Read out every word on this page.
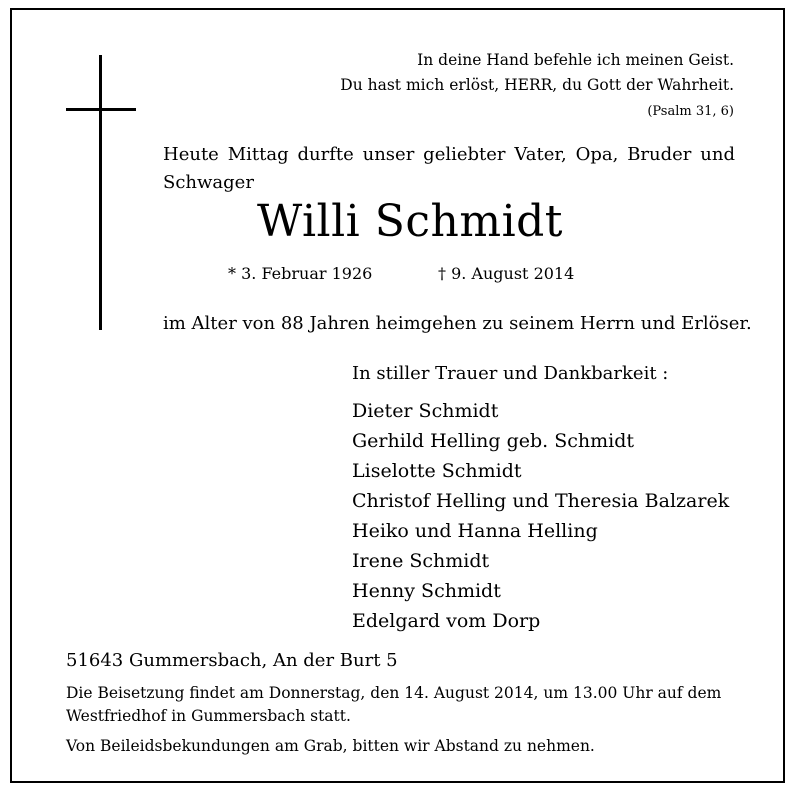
In deine Hand befehle ich meinen Geist.
Du hast mich erlöst, HERR, du Gott der Wahrheit.
(Psalm 31, 6)
Heute Mittag durfte unser geliebter Vater, Opa, Bruder und Schwager
Willi Schmidt
* 3. Februar 1926	† 9. August 2014
im Alter von 88 Jahren heimgehen zu seinem Herrn und Erlöser.
In stiller Trauer und Dankbarkeit :
Dieter Schmidt
Gerhild Helling geb. Schmidt
Liselotte Schmidt
Christof Helling und Theresia Balzarek
Heiko und Hanna Helling
Irene Schmidt
Henny Schmidt
Edelgard vom Dorp
51643 Gummersbach, An der Burt 5
Die Beisetzung findet am Donnerstag, den 14. August 2014, um 13.00 Uhr auf dem Westfriedhof in Gummersbach statt.
Von Beileidsbekundungen am Grab, bitten wir Abstand zu nehmen.
